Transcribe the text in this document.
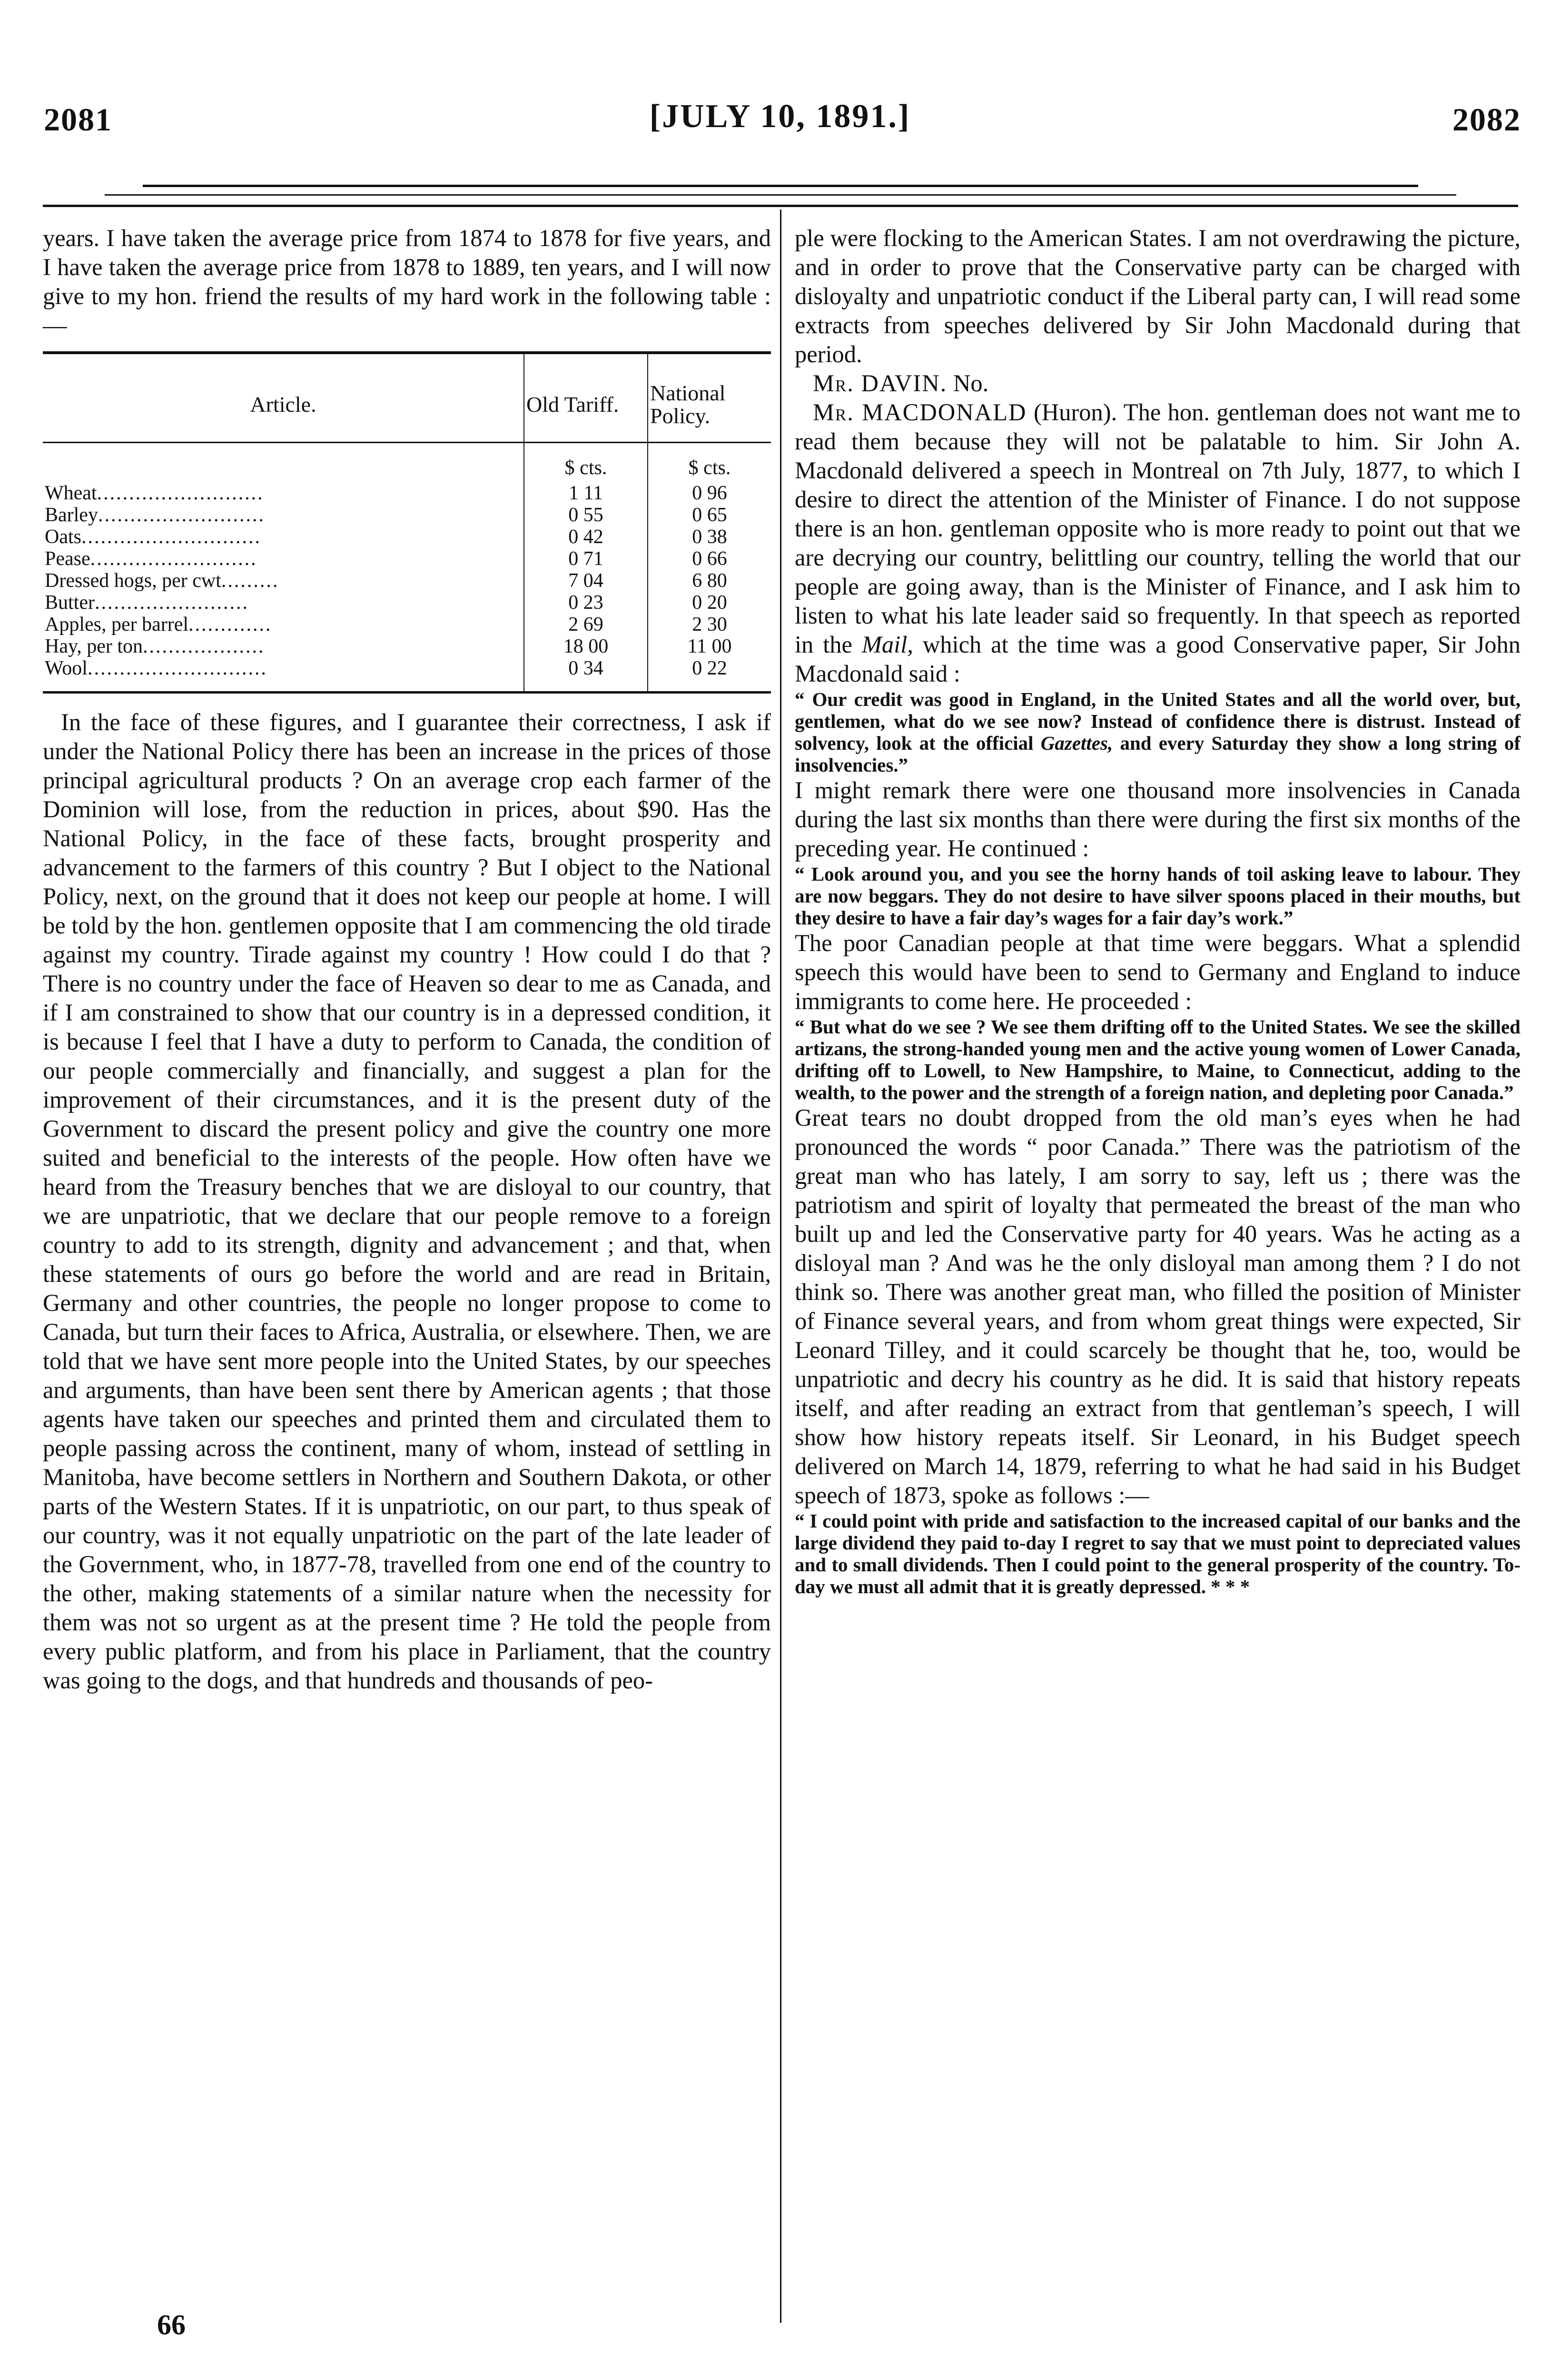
2081	[JULY 10, 1891.]	2082

years. I have taken the average price from 1874 to 1878 for five years, and I have taken the average price from 1878 to 1889, ten years, and I will now give to my hon. friend the results of my hard work in the following table :—

Article.	Old Tariff.	National Policy.
	$ cts.	$ cts.
Wheat..........................	1 11	0 96
Barley..........................	0 55	0 65
Oats............................	0 42	0 38
Pease..........................	0 71	0 66
Dressed hogs, per cwt.........	7 04	6 80
Butter........................	0 23	0 20
Apples, per barrel.............	2 69	2 30
Hay, per ton...................	18 00	11 00
Wool............................	0 34	0 22

In the face of these figures, and I guarantee their correctness, I ask if under the National Policy there has been an increase in the prices of those principal agricultural products ? On an average crop each farmer of the Dominion will lose, from the reduction in prices, about $90. Has the National Policy, in the face of these facts, brought prosperity and advancement to the farmers of this country ? But I object to the National Policy, next, on the ground that it does not keep our people at home. I will be told by the hon. gentlemen opposite that I am commencing the old tirade against my country. Tirade against my country ! How could I do that ? There is no country under the face of Heaven so dear to me as Canada, and if I am constrained to show that our country is in a depressed condition, it is because I feel that I have a duty to perform to Canada, the condition of our people commercially and financially, and suggest a plan for the improvement of their circumstances, and it is the present duty of the Government to discard the present policy and give the country one more suited and beneficial to the interests of the people. How often have we heard from the Treasury benches that we are disloyal to our country, that we are unpatriotic, that we declare that our people remove to a foreign country to add to its strength, dignity and advancement ; and that, when these statements of ours go before the world and are read in Britain, Germany and other countries, the people no longer propose to come to Canada, but turn their faces to Africa, Australia, or elsewhere. Then, we are told that we have sent more people into the United States, by our speeches and arguments, than have been sent there by American agents ; that those agents have taken our speeches and printed them and circulated them to people passing across the continent, many of whom, instead of settling in Manitoba, have become settlers in Northern and Southern Dakota, or other parts of the Western States. If it is unpatriotic, on our part, to thus speak of our country, was it not equally unpatriotic on the part of the late leader of the Government, who, in 1877-78, travelled from one end of the country to the other, making statements of a similar nature when the necessity for them was not so urgent as at the present time ? He told the people from every public platform, and from his place in Parliament, that the country was going to the dogs, and that hundreds and thousands of peo-

ple were flocking to the American States. I am not overdrawing the picture, and in order to prove that the Conservative party can be charged with disloyalty and unpatriotic conduct if the Liberal party can, I will read some extracts from speeches delivered by Sir John Macdonald during that period.

Mr. DAVIN. No.

Mr. MACDONALD (Huron). The hon. gentleman does not want me to read them because they will not be palatable to him. Sir John A. Macdonald delivered a speech in Montreal on 7th July, 1877, to which I desire to direct the attention of the Minister of Finance. I do not suppose there is an hon. gentleman opposite who is more ready to point out that we are decrying our country, belittling our country, telling the world that our people are going away, than is the Minister of Finance, and I ask him to listen to what his late leader said so frequently. In that speech as reported in the Mail, which at the time was a good Conservative paper, Sir John Macdonald said :

“ Our credit was good in England, in the United States and all the world over, but, gentlemen, what do we see now? Instead of confidence there is distrust. Instead of solvency, look at the official Gazettes, and every Saturday they show a long string of insolvencies.”

I might remark there were one thousand more insolvencies in Canada during the last six months than there were during the first six months of the preceding year. He continued :

“ Look around you, and you see the horny hands of toil asking leave to labour. They are now beggars. They do not desire to have silver spoons placed in their mouths, but they desire to have a fair day’s wages for a fair day’s work.”

The poor Canadian people at that time were beggars. What a splendid speech this would have been to send to Germany and England to induce immigrants to come here. He proceeded :

“ But what do we see ? We see them drifting off to the United States. We see the skilled artizans, the strong-handed young men and the active young women of Lower Canada, drifting off to Lowell, to New Hampshire, to Maine, to Connecticut, adding to the wealth, to the power and the strength of a foreign nation, and depleting poor Canada.”

Great tears no doubt dropped from the old man’s eyes when he had pronounced the words “ poor Canada.” There was the patriotism of the great man who has lately, I am sorry to say, left us ; there was the patriotism and spirit of loyalty that permeated the breast of the man who built up and led the Conservative party for 40 years. Was he acting as a disloyal man ? And was he the only disloyal man among them ? I do not think so. There was another great man, who filled the position of Minister of Finance several years, and from whom great things were expected, Sir Leonard Tilley, and it could scarcely be thought that he, too, would be unpatriotic and decry his country as he did. It is said that history repeats itself, and after reading an extract from that gentleman’s speech, I will show how history repeats itself. Sir Leonard, in his Budget speech delivered on March 14, 1879, referring to what he had said in his Budget speech of 1873, spoke as follows :—

“ I could point with pride and satisfaction to the increased capital of our banks and the large dividend they paid to-day I regret to say that we must point to depreciated values and to small dividends. Then I could point to the general prosperity of the country. To-day we must all admit that it is greatly depressed. * * *

66
